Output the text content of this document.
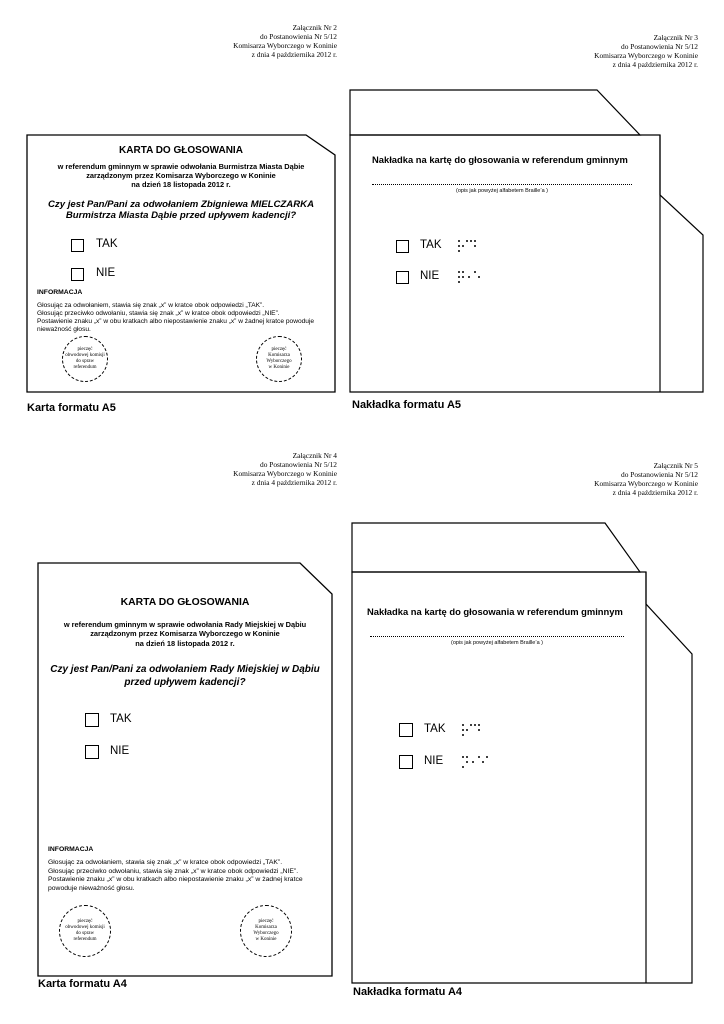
Załącznik Nr 2
do Postanowienia Nr 5/12
Komisarza Wyborczego w Koninie
z dnia 4 października 2012 r.
Załącznik Nr 3
do Postanowienia Nr 5/12
Komisarza Wyborczego w Koninie
z dnia 4 października 2012 r.
Załącznik Nr 4
do Postanowienia Nr 5/12
Komisarza Wyborczego w Koninie
z dnia 4 października 2012 r.
Załącznik Nr 5
do Postanowienia Nr 5/12
Komisarza Wyborczego w Koninie
z dnia 4 października 2012 r.
KARTA DO GŁOSOWANIA
w referendum gminnym w sprawie odwołania Burmistrza Miasta Dąbie
zarządzonym przez Komisarza Wyborczego w Koninie
na dzień 18 listopada 2012 r.
Czy jest Pan/Pani za odwołaniem Zbigniewa MIELCZARKA
Burmistrza Miasta Dąbie przed upływem kadencji?
TAK
NIE
INFORMACJA
Głosując za odwołaniem, stawia się znak „x” w kratce obok odpowiedzi „TAK”.
Głosując przeciwko odwołaniu, stawia się znak „x” w kratce obok odpowiedzi „NIE”.
Postawienie znaku „x” w obu kratkach albo niepostawienie znaku „x” w żadnej kratce powoduje
nieważność głosu.
pieczęć
obwodowej komisji
do spraw
referendum
pieczęć
Komisarza
Wyborczego
w Koninie
Karta formatu A5
Nakładka na kartę do głosowania w referendum gminnym
(opis jak powyżej alfabetem Braille’a )
TAK
NIE
Nakładka formatu A5
KARTA DO GŁOSOWANIA
w referendum gminnym w sprawie odwołania Rady Miejskiej w Dąbiu
zarządzonym przez Komisarza Wyborczego w Koninie
na dzień 18 listopada 2012 r.
Czy jest Pan/Pani za odwołaniem Rady Miejskiej w Dąbiu
przed upływem kadencji?
TAK
NIE
INFORMACJA
Głosując za odwołaniem, stawia się znak „x” w kratce obok odpowiedzi „TAK”.
Głosując przeciwko odwołaniu, stawia się znak „x” w kratce obok odpowiedzi „NIE”.
Postawienie znaku „x” w obu kratkach albo niepostawienie znaku „x” w żadnej kratce
powoduje nieważność głosu.
pieczęć
obwodowej komisji
do spraw
referendum
pieczęć
Komisarza
Wyborczego
w Koninie
Karta formatu A4
Nakładka na kartę do głosowania w referendum gminnym
(opis jak powyżej alfabetem Braille’a )
TAK
NIE
Nakładka formatu A4
